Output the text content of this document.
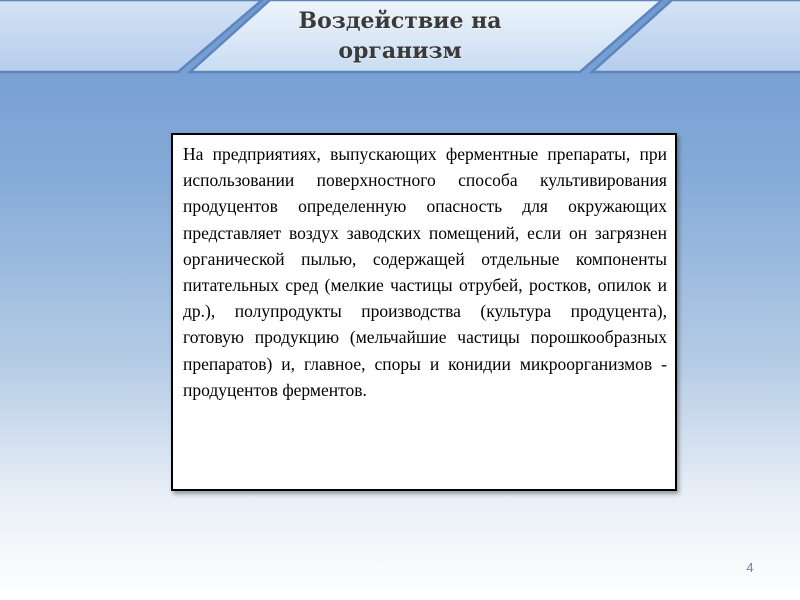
Воздействие на
организм

На предприятиях, выпускающих ферментные препараты, при использовании поверхностного способа культивирования продуцентов определенную опасность для окружающих представляет воздух заводских помещений, если он загрязнен органической пылью, содержащей отдельные компоненты питательных сред (мелкие частицы отрубей, ростков, опилок и др.), полупродукты производства (культура продуцента), готовую продукцию (мельчайшие частицы порошкообразных препаратов) и, главное, споры и конидии микроорганизмов - продуцентов ферментов.

4
